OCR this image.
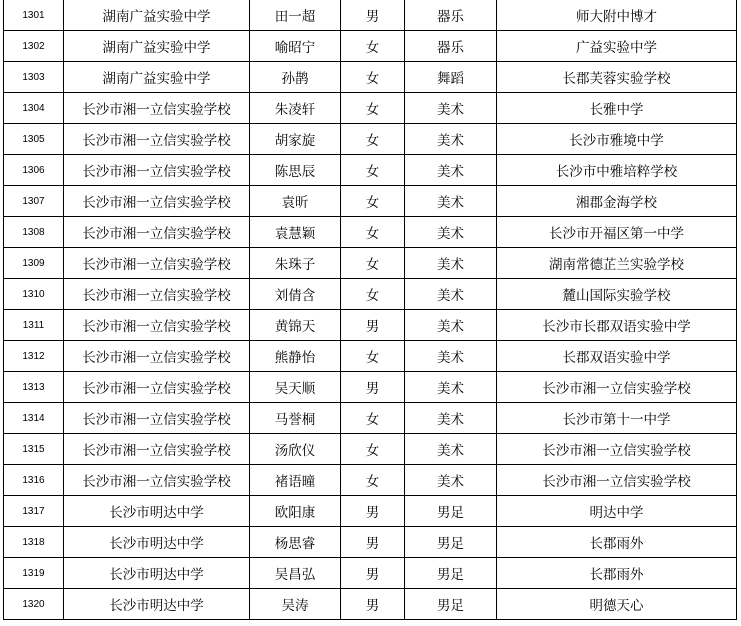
1301	湖南广益实验中学	田一超	男	器乐	师大附中博才
1302	湖南广益实验中学	喻昭宁	女	器乐	广益实验中学
1303	湖南广益实验中学	孙鹊	女	舞蹈	长郡芙蓉实验学校
1304	长沙市湘一立信实验学校	朱凌轩	女	美术	长雅中学
1305	长沙市湘一立信实验学校	胡家旋	女	美术	长沙市雅境中学
1306	长沙市湘一立信实验学校	陈思辰	女	美术	长沙市中雅培粹学校
1307	长沙市湘一立信实验学校	袁昕	女	美术	湘郡金海学校
1308	长沙市湘一立信实验学校	袁慧颖	女	美术	长沙市开福区第一中学
1309	长沙市湘一立信实验学校	朱珠子	女	美术	湖南常德芷兰实验学校
1310	长沙市湘一立信实验学校	刘倩含	女	美术	麓山国际实验学校
1311	长沙市湘一立信实验学校	黄锦天	男	美术	长沙市长郡双语实验中学
1312	长沙市湘一立信实验学校	熊静怡	女	美术	长郡双语实验中学
1313	长沙市湘一立信实验学校	吴天顺	男	美术	长沙市湘一立信实验学校
1314	长沙市湘一立信实验学校	马誉桐	女	美术	长沙市第十一中学
1315	长沙市湘一立信实验学校	汤欣仪	女	美术	长沙市湘一立信实验学校
1316	长沙市湘一立信实验学校	褚语曈	女	美术	长沙市湘一立信实验学校
1317	长沙市明达中学	欧阳康	男	男足	明达中学
1318	长沙市明达中学	杨思睿	男	男足	长郡雨外
1319	长沙市明达中学	吴昌弘	男	男足	长郡雨外
1320	长沙市明达中学	吴涛	男	男足	明德天心
